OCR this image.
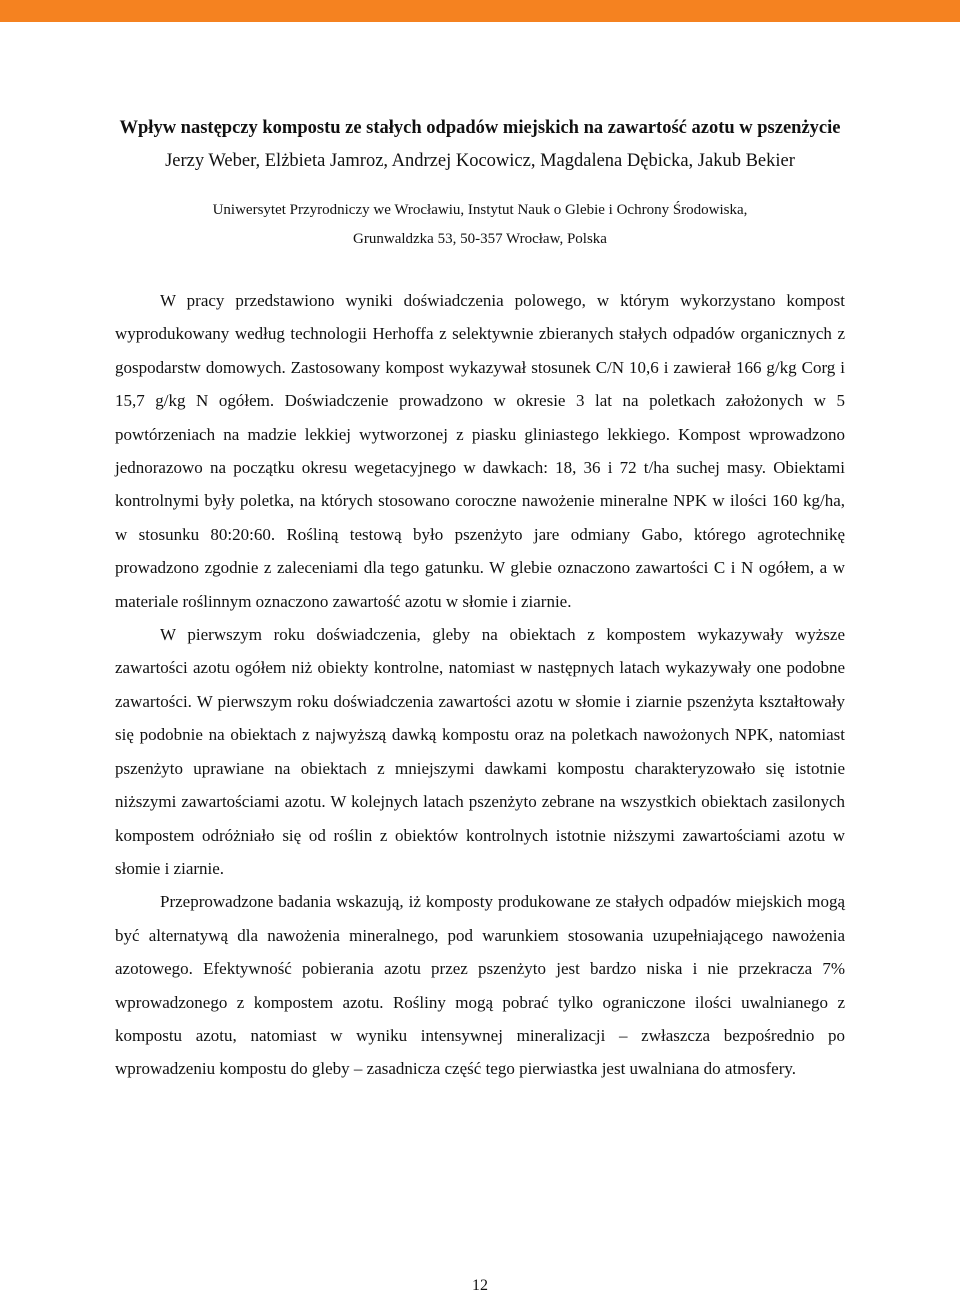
Wpływ następczy kompostu ze stałych odpadów miejskich na zawartość azotu w pszenżycie

Jerzy Weber, Elżbieta Jamroz, Andrzej Kocowicz, Magdalena Dębicka, Jakub Bekier

Uniwersytet Przyrodniczy we Wrocławiu, Instytut Nauk o Glebie i Ochrony Środowiska,
Grunwaldzka 53, 50-357 Wrocław, Polska

W pracy przedstawiono wyniki doświadczenia polowego, w którym wykorzystano kompost wyprodukowany według technologii Herhoffa z selektywnie zbieranych stałych odpadów organicznych z gospodarstw domowych. Zastosowany kompost wykazywał stosunek C/N 10,6 i zawierał 166 g/kg Corg i 15,7 g/kg N ogółem. Doświadczenie prowadzono w okresie 3 lat na poletkach założonych w 5 powtórzeniach na madzie lekkiej wytworzonej z piasku gliniastego lekkiego. Kompost wprowadzono jednorazowo na początku okresu wegetacyjnego w dawkach: 18, 36 i 72 t/ha suchej masy. Obiektami kontrolnymi były poletka, na których stosowano coroczne nawożenie mineralne NPK w ilości 160 kg/ha, w stosunku 80:20:60. Rośliną testową było pszenżyto jare odmiany Gabo, którego agrotechnikę prowadzono zgodnie z zaleceniami dla tego gatunku. W glebie oznaczono zawartości C i N ogółem, a w materiale roślinnym oznaczono zawartość azotu w słomie i ziarnie.

W pierwszym roku doświadczenia, gleby na obiektach z kompostem wykazywały wyższe zawartości azotu ogółem niż obiekty kontrolne, natomiast w następnych latach wykazywały one podobne zawartości. W pierwszym roku doświadczenia zawartości azotu w słomie i ziarnie pszenżyta kształtowały się podobnie na obiektach z najwyższą dawką kompostu oraz na poletkach nawożonych NPK, natomiast pszenżyto uprawiane na obiektach z mniejszymi dawkami kompostu charakteryzowało się istotnie niższymi zawartościami azotu. W kolejnych latach pszenżyto zebrane na wszystkich obiektach zasilonych kompostem odróżniało się od roślin z obiektów kontrolnych istotnie niższymi zawartościami azotu w słomie i ziarnie.

Przeprowadzone badania wskazują, iż komposty produkowane ze stałych odpadów miejskich mogą być alternatywą dla nawożenia mineralnego, pod warunkiem stosowania uzupełniającego nawożenia azotowego. Efektywność pobierania azotu przez pszenżyto jest bardzo niska i nie przekracza 7% wprowadzonego z kompostem azotu. Rośliny mogą pobrać tylko ograniczone ilości uwalnianego z kompostu azotu, natomiast w wyniku intensywnej mineralizacji – zwłaszcza bezpośrednio po wprowadzeniu kompostu do gleby – zasadnicza część tego pierwiastka jest uwalniana do atmosfery.

12
